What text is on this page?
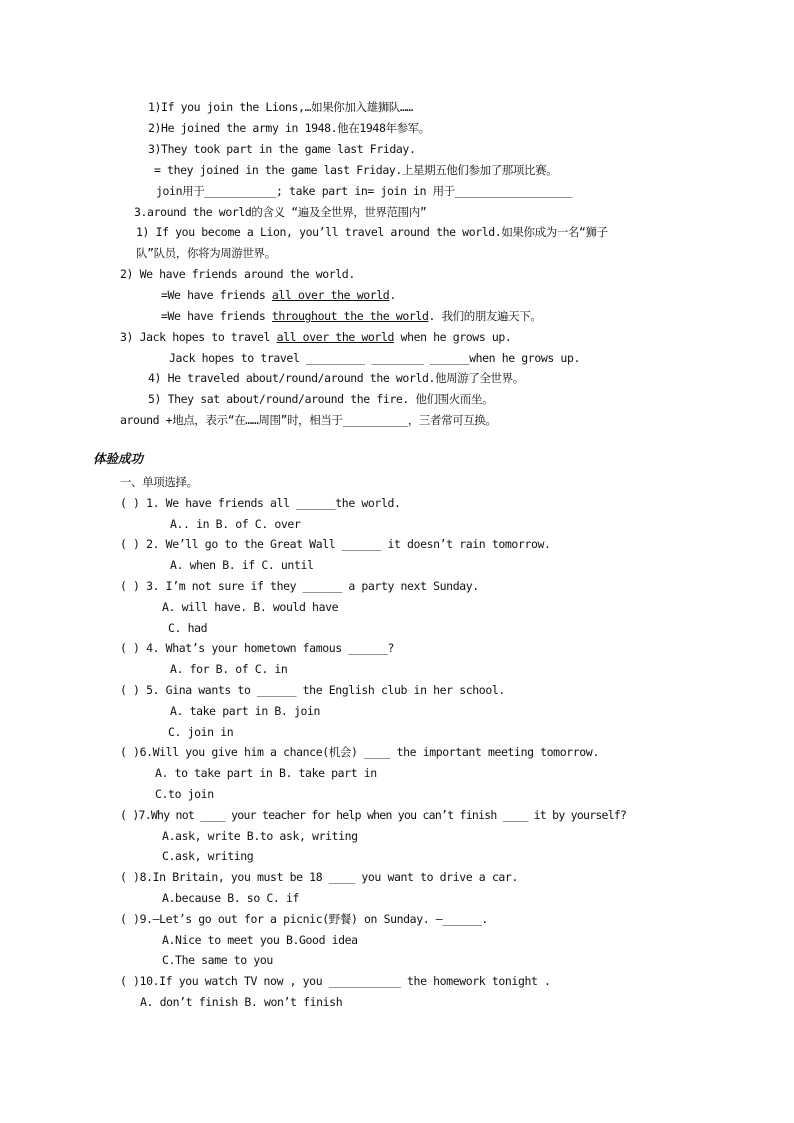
1)If you join the Lions,…如果你加入雄狮队……
2)He joined the army in 1948.他在1948年参军。
3)They took part in the game last Friday.
= they joined in the game last Friday.上星期五他们参加了那项比赛。
join用于___________; take part in= join in 用于__________________
3.around the world的含义 “遍及全世界，世界范围内”
1) If you become a Lion, you’ll travel around the world.如果你成为一名“狮子
队”队员，你将为周游世界。
2) We have friends around the world.
=We have friends all over the world.
=We have friends throughout the the world. 我们的朋友遍天下。
3) Jack hopes to travel all over the world when he grows up.
Jack hopes to travel _________ ________ ______when he grows up.
4) He traveled about/round/around the world.他周游了全世界。
5) They sat about/round/around the fire. 他们围火而坐。
around +地点，表示“在……周围”时，相当于__________，三者常可互换。
体验成功
一、单项选择。
( ) 1. We have friends all ______the world.
A.. in B. of C. over
( ) 2. We’ll go to the Great Wall ______ it doesn’t rain tomorrow.
A. when B. if C. until
( ) 3. I’m not sure if they ______ a party next Sunday.
A. will have. B. would have
C. had
( ) 4. What’s your hometown famous ______?
A. for B. of C. in
( ) 5. Gina wants to ______ the English club in her school.
A. take part in B. join
C. join in
( )6.Will you give him a chance(机会) ____ the important meeting tomorrow.
A. to take part in B. take part in
C.to join
( )7.Why not ____ your teacher for help when you can’t finish ____ it by yourself?
A.ask, write B.to ask, writing
C.ask, writing
( )8.In Britain, you must be 18 ____ you want to drive a car.
A.because B. so C. if
( )9.—Let’s go out for a picnic(野餐) on Sunday. —______.
A.Nice to meet you B.Good idea
C.The same to you
( )10.If you watch TV now , you ___________ the homework tonight .
A. don’t finish B. won’t finish
